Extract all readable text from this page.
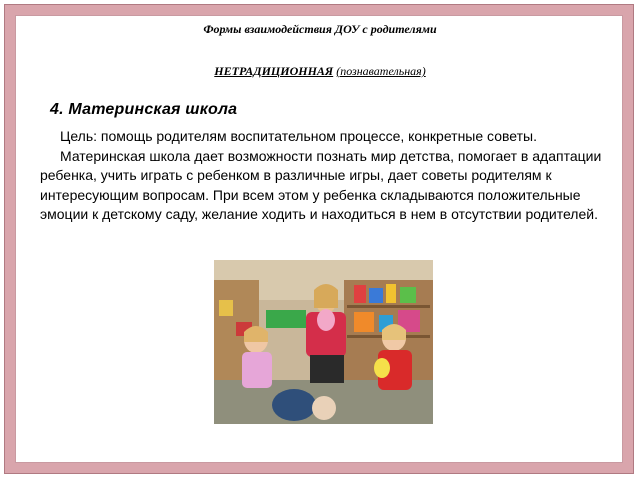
Формы взаимодействия ДОУ с родителями
НЕТРАДИЦИОННАЯ (познавательная)
4. Материнская школа

Цель: помощь родителям воспитательном процессе, конкретные советы.

Материнская школа дает возможности познать мир детства, помогает в адаптации ребенка, учить играть с ребенком в различные игры, дает советы родителям к интересующим вопросам. При всем этом у ребенка складываются положительные эмоции к детскому саду, желание ходить и находиться в нем в отсутствии родителей.
